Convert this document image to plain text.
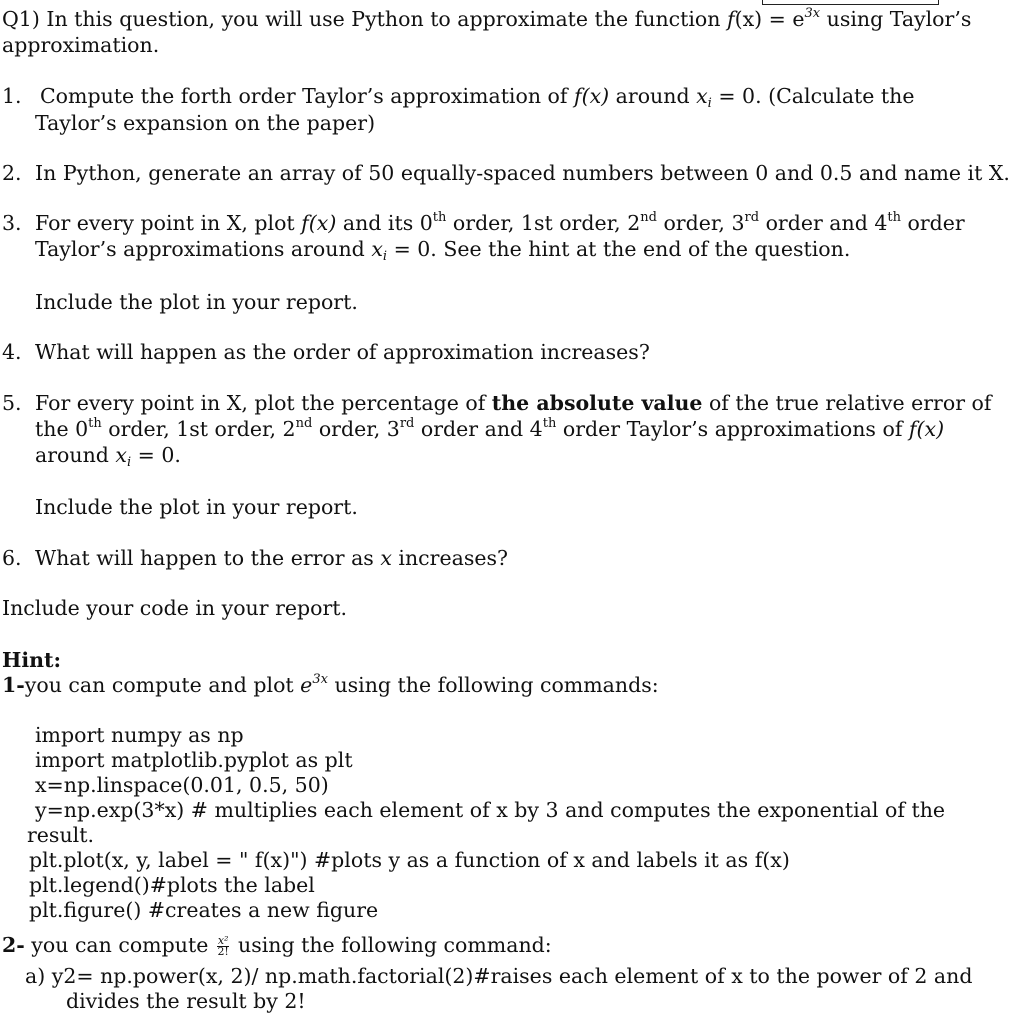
Q1) In this question, you will use Python to approximate the function $f(x) = e^{3x}$ using Taylor’s
approximation.
1. Compute the forth order Taylor’s approximation of f(x) around $x_i = 0$. (Calculate the
Taylor’s expansion on the paper)
2. In Python, generate an array of 50 equally-spaced numbers between 0 and 0.5 and name it X.
3. For every point in X, plot f(x) and its 0th order, 1st order, 2nd order, 3rd order and 4th order
Taylor’s approximations around $x_i = 0$. See the hint at the end of the question.
Include the plot in your report.
4. What will happen as the order of approximation increases?
5. For every point in X, plot the percentage of the absolute value of the true relative error of
the 0th order, 1st order, 2nd order, 3rd order and 4th order Taylor’s approximations of f(x)
around $x_i = 0$.
Include the plot in your report.
6. What will happen to the error as x increases?
Include your code in your report.
Hint:
1-you can compute and plot $e^{3x}$ using the following commands:
import numpy as np
import matplotlib.pyplot as plt
x=np.linspace(0.01, 0.5, 50)
y=np.exp(3*x) # multiplies each element of x by 3 and computes the exponential of the
result.
plt.plot(x, y, label = " f(x)") #plots y as a function of x and labels it as f(x)
plt.legend()#plots the label
plt.figure() #creates a new figure
2- you can compute $\frac{\text{x²}}{2!}$ using the following command:
a) y2= np.power(x, 2)/ np.math.factorial(2)#raises each element of x to the power of 2 and
divides the result by 2!
